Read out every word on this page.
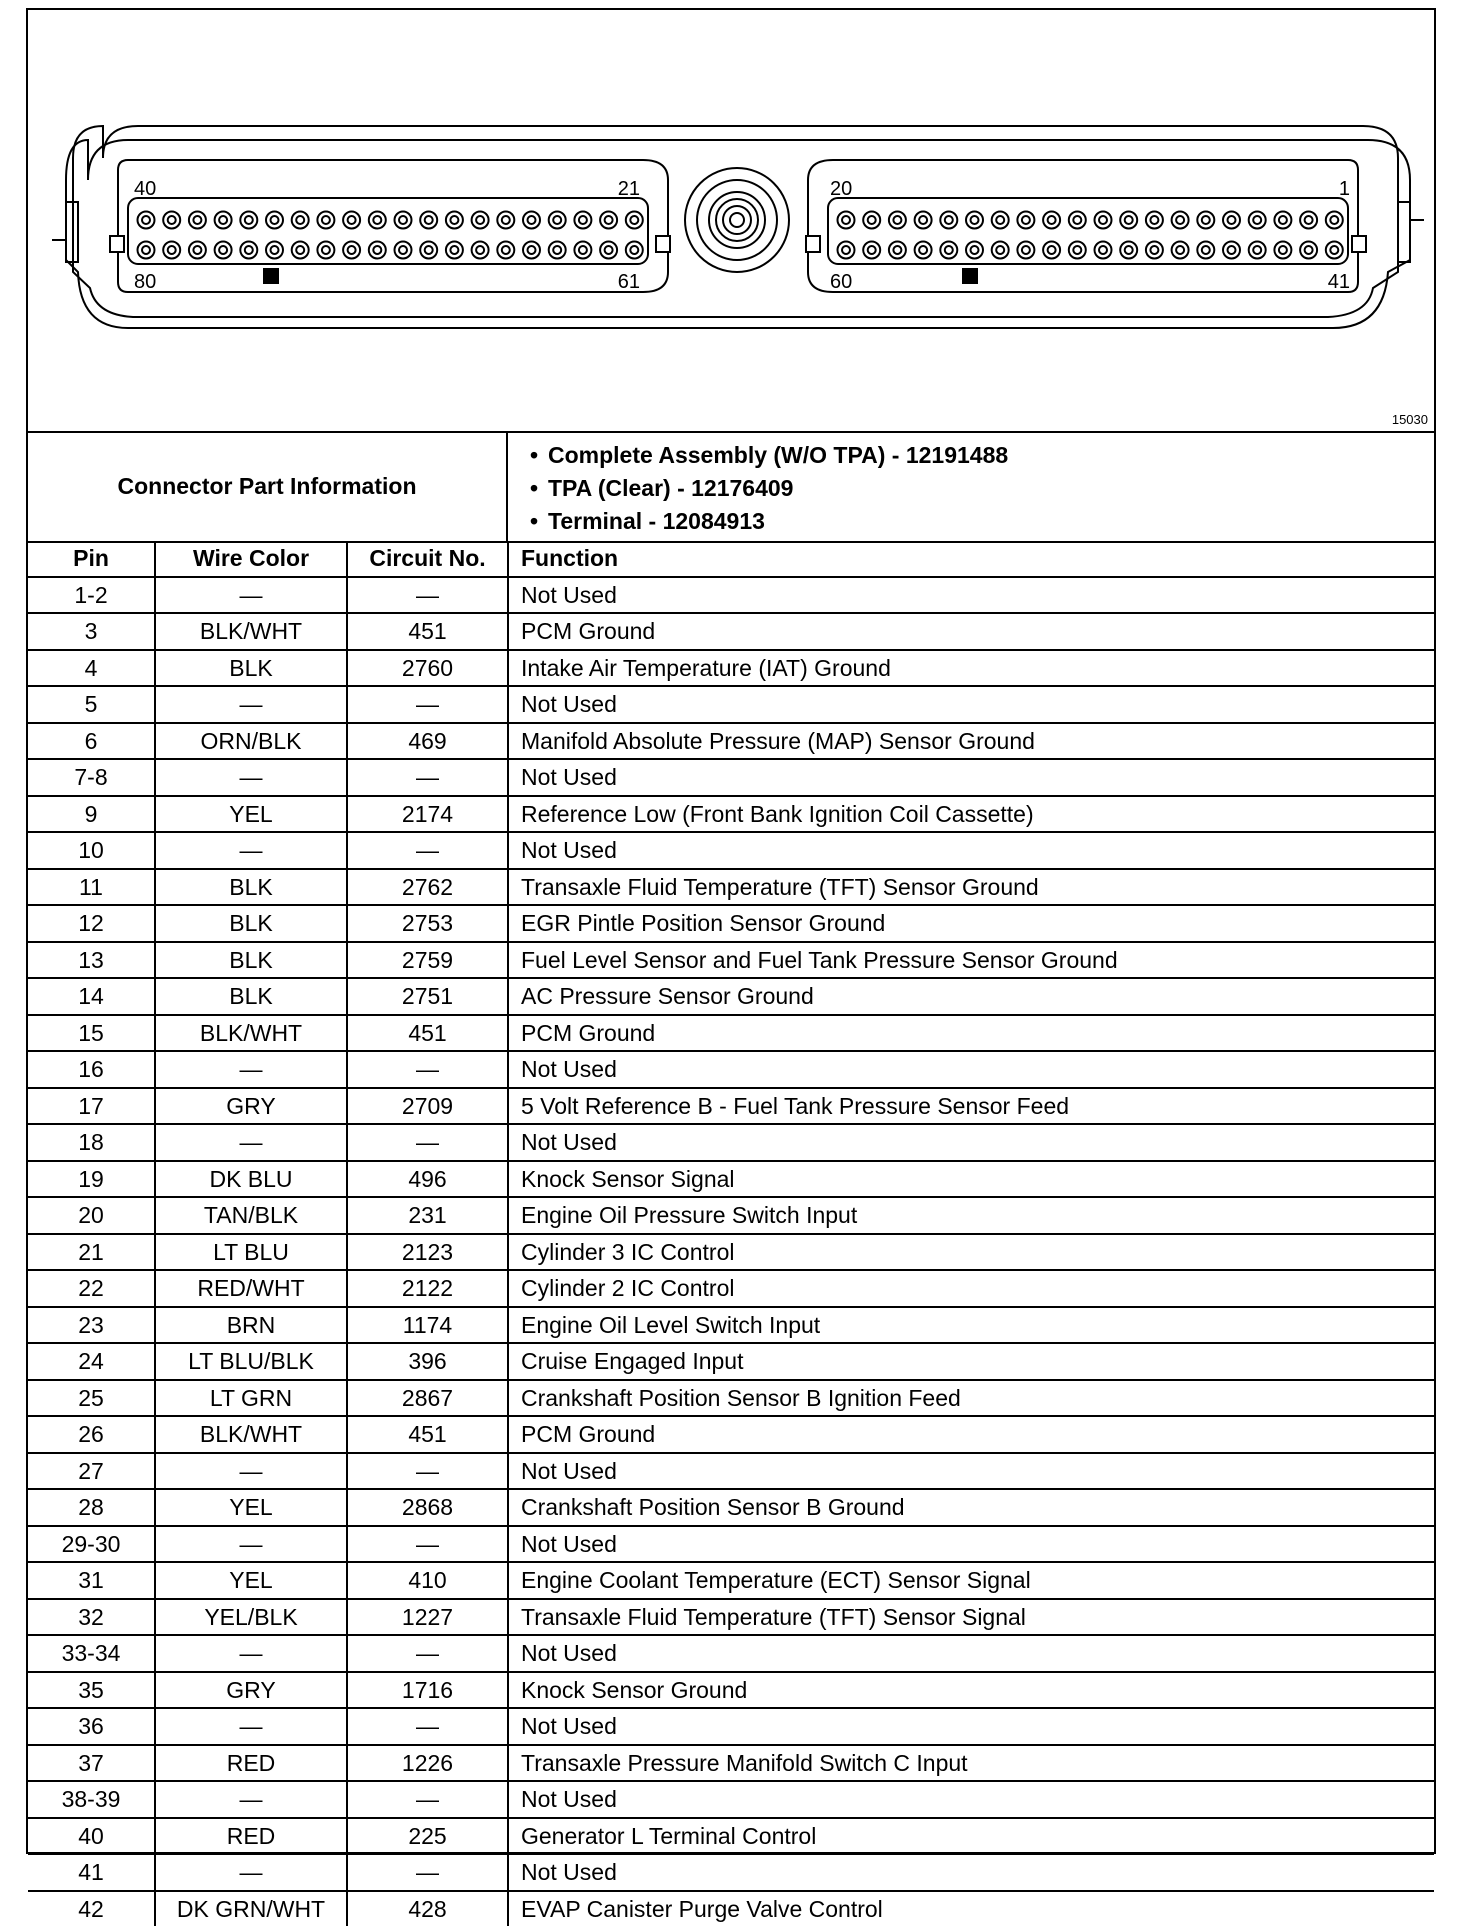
40	21	20	1
80	61	60	41
15030
Connector Part Information
• Complete Assembly (W/O TPA) - 12191488
• TPA (Clear) - 12176409
• Terminal - 12084913
Pin	Wire Color	Circuit No.	Function
1-2	—	—	Not Used
3	BLK/WHT	451	PCM Ground
4	BLK	2760	Intake Air Temperature (IAT) Ground
5	—	—	Not Used
6	ORN/BLK	469	Manifold Absolute Pressure (MAP) Sensor Ground
7-8	—	—	Not Used
9	YEL	2174	Reference Low (Front Bank Ignition Coil Cassette)
10	—	—	Not Used
11	BLK	2762	Transaxle Fluid Temperature (TFT) Sensor Ground
12	BLK	2753	EGR Pintle Position Sensor Ground
13	BLK	2759	Fuel Level Sensor and Fuel Tank Pressure Sensor Ground
14	BLK	2751	AC Pressure Sensor Ground
15	BLK/WHT	451	PCM Ground
16	—	—	Not Used
17	GRY	2709	5 Volt Reference B - Fuel Tank Pressure Sensor Feed
18	—	—	Not Used
19	DK BLU	496	Knock Sensor Signal
20	TAN/BLK	231	Engine Oil Pressure Switch Input
21	LT BLU	2123	Cylinder 3 IC Control
22	RED/WHT	2122	Cylinder 2 IC Control
23	BRN	1174	Engine Oil Level Switch Input
24	LT BLU/BLK	396	Cruise Engaged Input
25	LT GRN	2867	Crankshaft Position Sensor B Ignition Feed
26	BLK/WHT	451	PCM Ground
27	—	—	Not Used
28	YEL	2868	Crankshaft Position Sensor B Ground
29-30	—	—	Not Used
31	YEL	410	Engine Coolant Temperature (ECT) Sensor Signal
32	YEL/BLK	1227	Transaxle Fluid Temperature (TFT) Sensor Signal
33-34	—	—	Not Used
35	GRY	1716	Knock Sensor Ground
36	—	—	Not Used
37	RED	1226	Transaxle Pressure Manifold Switch C Input
38-39	—	—	Not Used
40	RED	225	Generator L Terminal Control
41	—	—	Not Used
42	DK GRN/WHT	428	EVAP Canister Purge Valve Control
